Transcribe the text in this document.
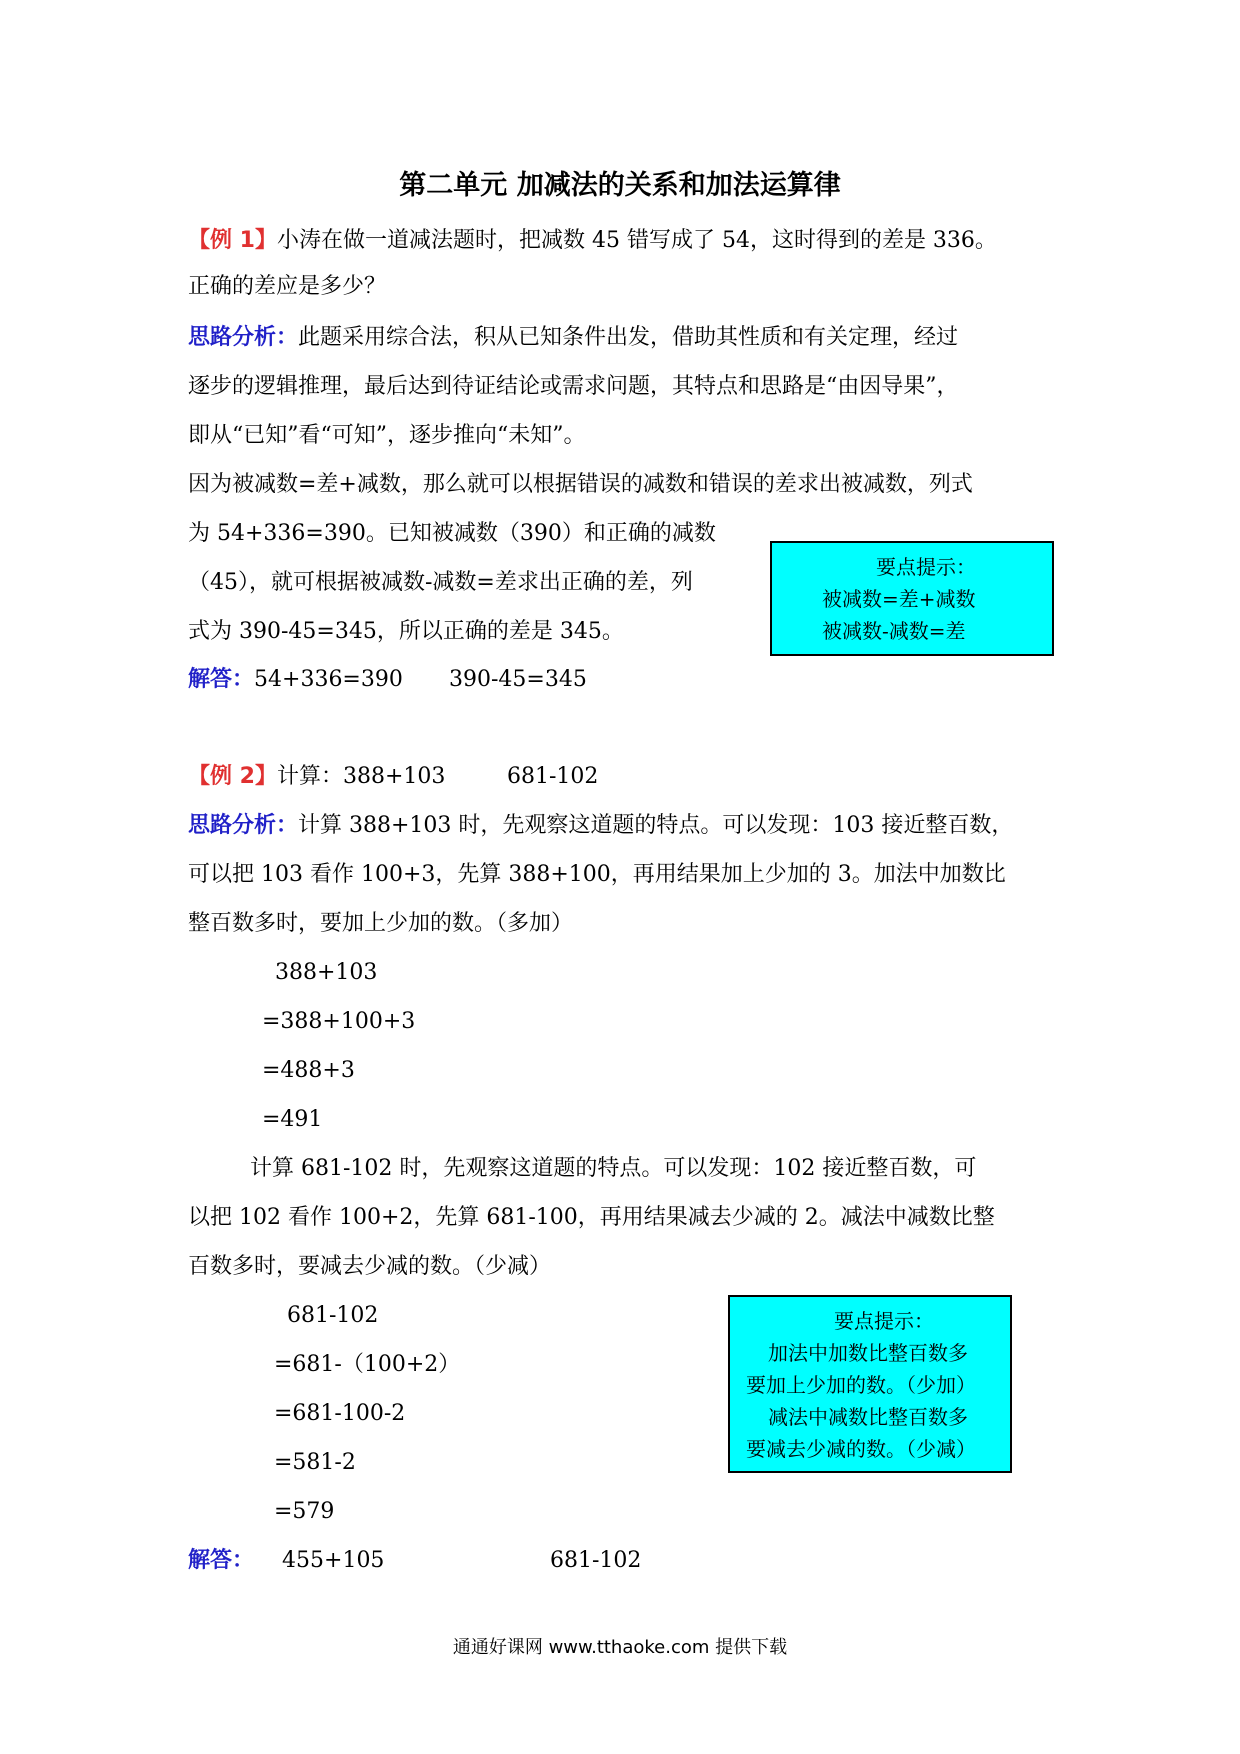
第二单元 加减法的关系和加法运算律
【例 1】小涛在做一道减法题时，把减数 45 错写成了 54，这时得到的差是 336。
正确的差应是多少？
思路分析：此题采用综合法，积从已知条件出发，借助其性质和有关定理，经过
逐步的逻辑推理，最后达到待证结论或需求问题，其特点和思路是“由因导果”，
即从“已知”看“可知”，逐步推向“未知”。
因为被减数=差+减数，那么就可以根据错误的减数和错误的差求出被减数，列式
为 54+336=390。已知被减数（390）和正确的减数
（45），就可根据被减数-减数=差求出正确的差，列
式为 390-45=345，所以正确的差是 345。
要点提示：
被减数=差+减数
被减数-减数=差
解答：54+336=390 390-45=345
【例 2】计算：388+103	681-102
思路分析：计算 388+103 时，先观察这道题的特点。可以发现：103 接近整百数，
可以把 103 看作 100+3，先算 388+100，再用结果加上少加的 3。加法中加数比
整百数多时，要加上少加的数。（多加）
388+103
=388+100+3
=488+3
=491
计算 681-102 时，先观察这道题的特点。可以发现：102 接近整百数，可
以把 102 看作 100+2，先算 681-100，再用结果减去少减的 2。减法中减数比整
百数多时，要减去少减的数。（少减）
681-102
=681-（100+2）
=681-100-2
=581-2
=579
要点提示：
加法中加数比整百数多
要加上少加的数。（少加）
减法中减数比整百数多
要减去少减的数。（少减）
解答： 455+105	681-102
通通好课网 www.tthaoke.com 提供下载
